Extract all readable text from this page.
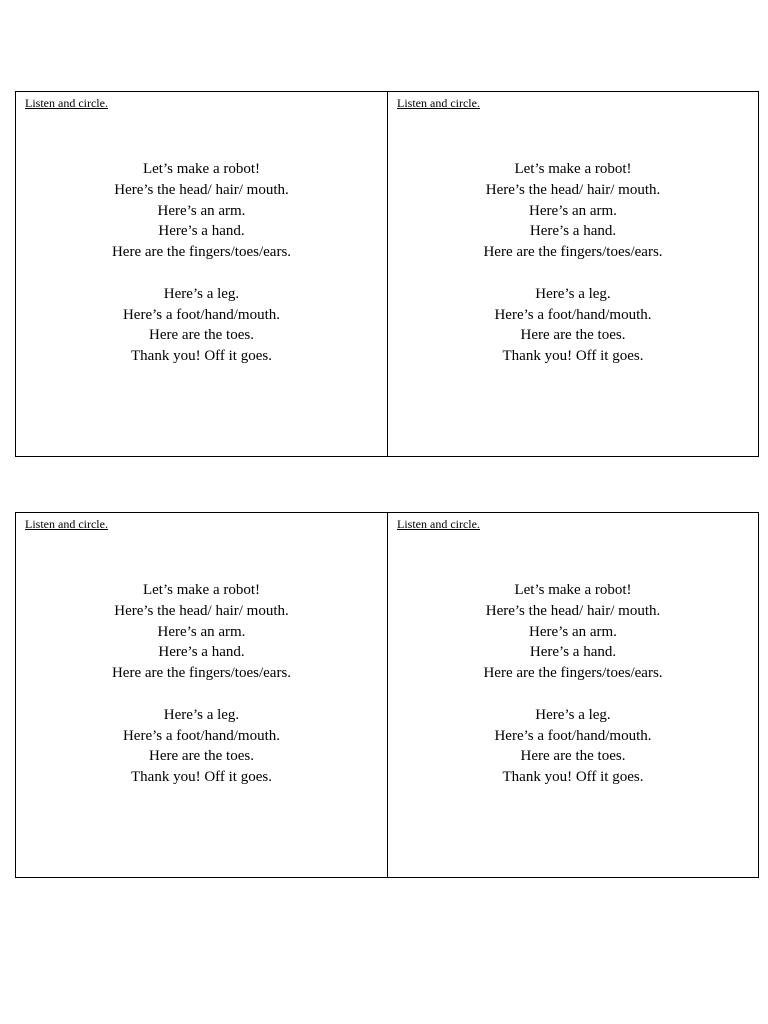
Listen and circle.
Let’s make a robot!
Here’s the head/ hair/ mouth.
Here’s an arm.
Here’s a hand.
Here are the fingers/toes/ears.
Here’s a leg.
Here’s a foot/hand/mouth.
Here are the toes.
Thank you! Off it goes.
Listen and circle.
Let’s make a robot!
Here’s the head/ hair/ mouth.
Here’s an arm.
Here’s a hand.
Here are the fingers/toes/ears.
Here’s a leg.
Here’s a foot/hand/mouth.
Here are the toes.
Thank you! Off it goes.
Listen and circle.
Let’s make a robot!
Here’s the head/ hair/ mouth.
Here’s an arm.
Here’s a hand.
Here are the fingers/toes/ears.
Here’s a leg.
Here’s a foot/hand/mouth.
Here are the toes.
Thank you! Off it goes.
Listen and circle.
Let’s make a robot!
Here’s the head/ hair/ mouth.
Here’s an arm.
Here’s a hand.
Here are the fingers/toes/ears.
Here’s a leg.
Here’s a foot/hand/mouth.
Here are the toes.
Thank you! Off it goes.
